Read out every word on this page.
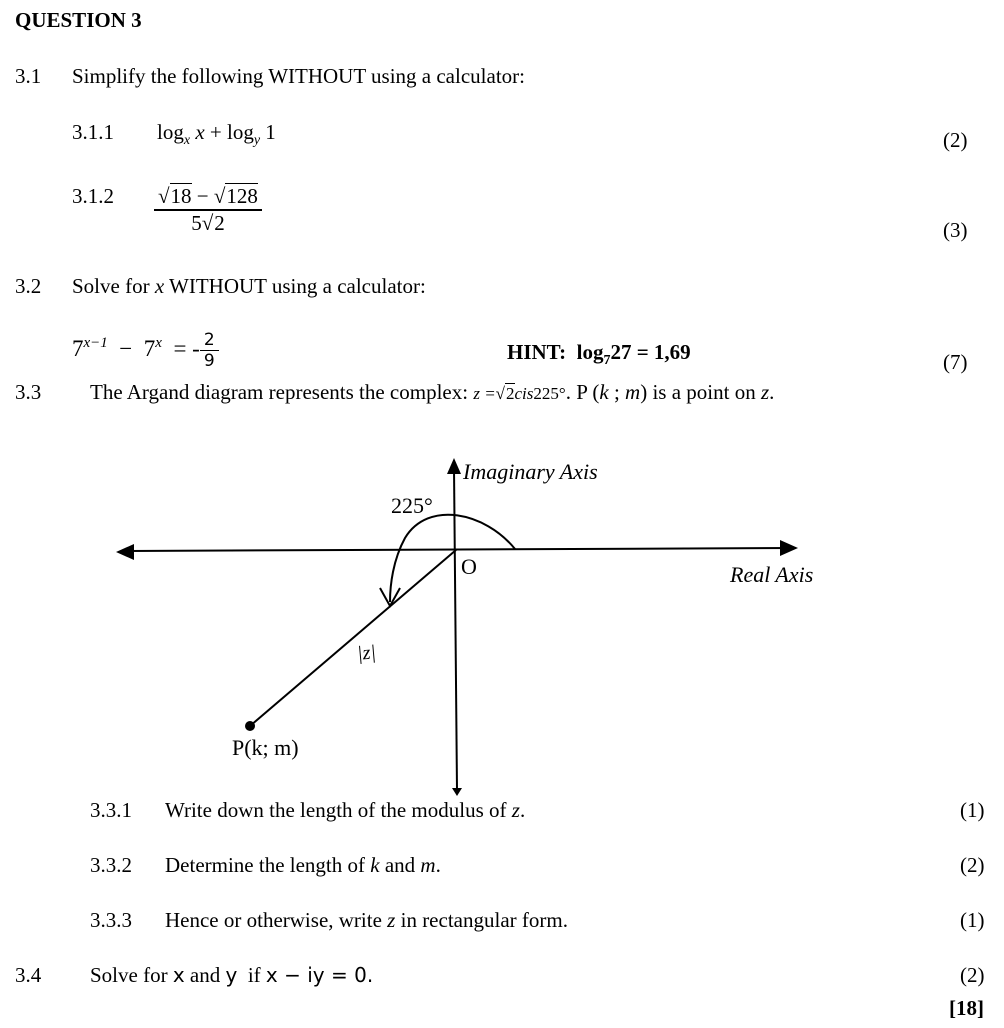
QUESTION 3
3.1 Simplify the following WITHOUT using a calculator:
3.1.1 $\log_x x + \log_y 1$	(2)
$3.1.2 \frac{√18 - √128}{5√2}$	(3)
3.2 Solve for x WITHOUT using a calculator:
$7^{x-1} - 7^x$ = - $\frac{2}{9}$	HINT: $\log_727 = 1,69$	(7)
3.3 The Argand diagram represents the complex: z =√2cis225°. P (k ; m) is a point on z.
Imaginary Axis
Real Axis
O
225°
|z|
P(k; m)
3.3.1 Write down the length of the modulus of z.	(1)
3.3.2 Determine the length of k and m.	(2)
3.3.3 Hence or otherwise, write z in rectangular form.	(1)
3.4 Solve for x and y if x − iy = 0.	(2)
[18]
